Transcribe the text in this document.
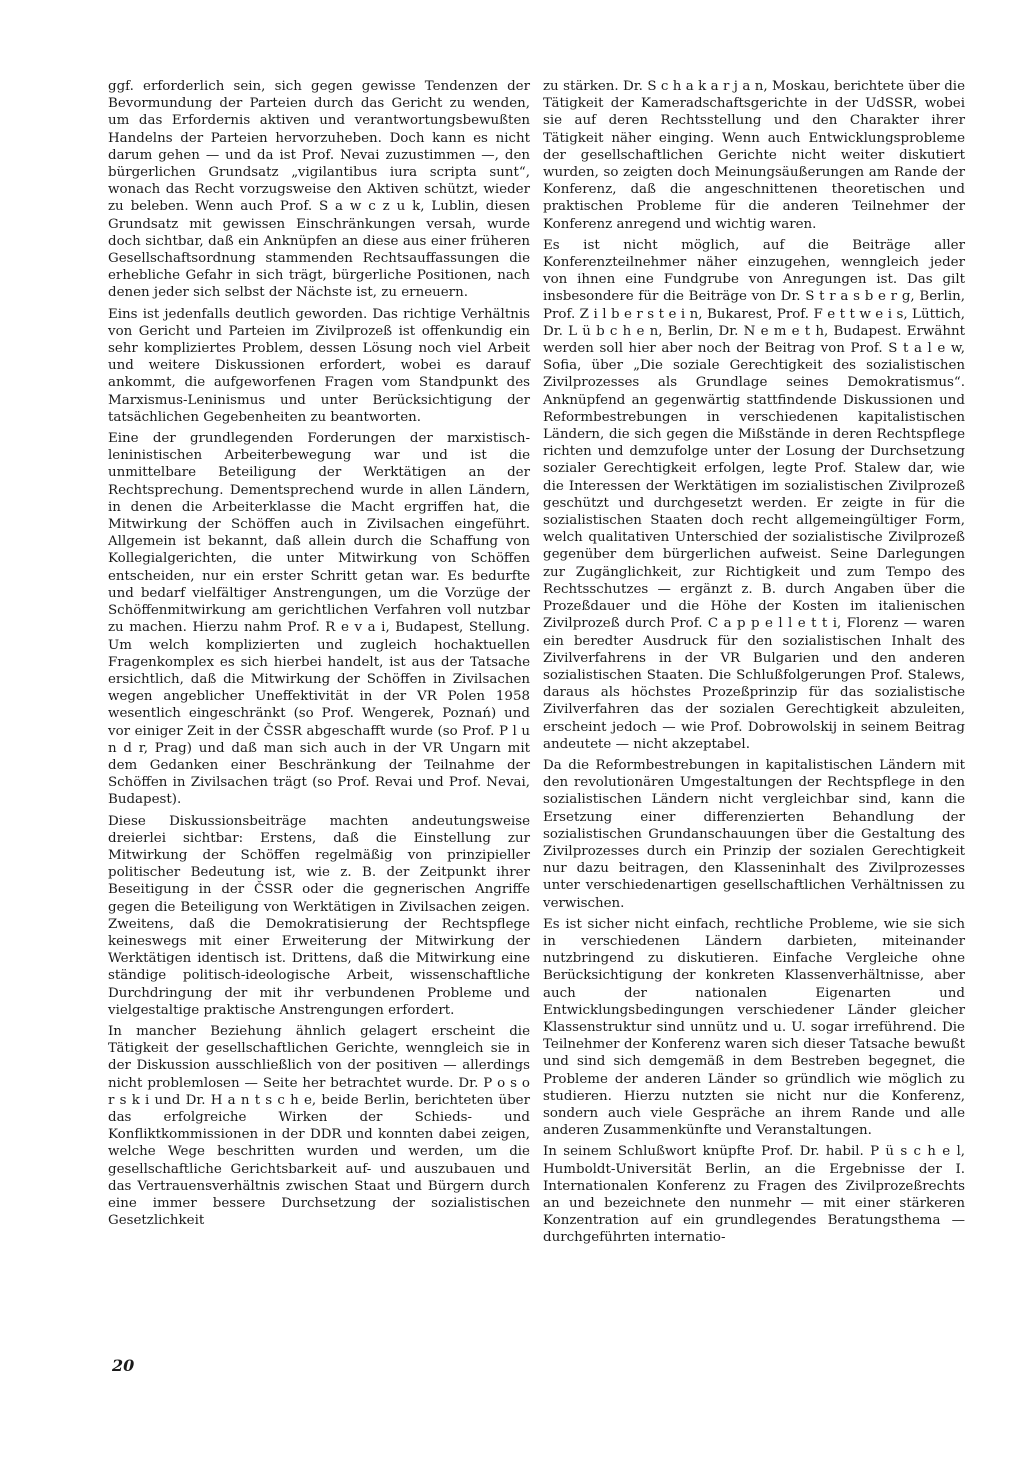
ggf. erforderlich sein, sich gegen gewisse Tendenzen der Bevormundung der Parteien durch das Gericht zu wenden, um das Erfordernis aktiven und verantwortungsbewußten Handelns der Parteien hervorzuheben. Doch kann es nicht darum gehen — und da ist Prof. Nevai zuzustimmen —, den bürgerlichen Grundsatz „vigilantibus iura scripta sunt“, wonach das Recht vorzugsweise den Aktiven schützt, wieder zu beleben. Wenn auch Prof. S a w c z u k, Lublin, diesen Grundsatz mit gewissen Einschränkungen versah, wurde doch sichtbar, daß ein Anknüpfen an diese aus einer früheren Gesellschaftsordnung stammenden Rechtsauffassungen die erhebliche Gefahr in sich trägt, bürgerliche Positionen, nach denen jeder sich selbst der Nächste ist, zu erneuern.

Eins ist jedenfalls deutlich geworden. Das richtige Verhältnis von Gericht und Parteien im Zivilprozeß ist offenkundig ein sehr kompliziertes Problem, dessen Lösung noch viel Arbeit und weitere Diskussionen erfordert, wobei es darauf ankommt, die aufgeworfenen Fragen vom Standpunkt des Marxismus-Leninismus und unter Berücksichtigung der tatsächlichen Gegebenheiten zu beantworten.

Eine der grundlegenden Forderungen der marxistisch-leninistischen Arbeiterbewegung war und ist die unmittelbare Beteiligung der Werktätigen an der Rechtsprechung. Dementsprechend wurde in allen Ländern, in denen die Arbeiterklasse die Macht ergriffen hat, die Mitwirkung der Schöffen auch in Zivilsachen eingeführt. Allgemein ist bekannt, daß allein durch die Schaffung von Kollegialgerichten, die unter Mitwirkung von Schöffen entscheiden, nur ein erster Schritt getan war. Es bedurfte und bedarf vielfältiger Anstrengungen, um die Vorzüge der Schöffenmitwirkung am gerichtlichen Verfahren voll nutzbar zu machen. Hierzu nahm Prof. R e v a i, Budapest, Stellung. Um welch komplizierten und zugleich hochaktuellen Fragenkomplex es sich hierbei handelt, ist aus der Tatsache ersichtlich, daß die Mitwirkung der Schöffen in Zivilsachen wegen angeblicher Uneffektivität in der VR Polen 1958 wesentlich eingeschränkt (so Prof. Wengerek, Poznań) und vor einiger Zeit in der ČSSR abgeschafft wurde (so Prof. P l u n d r, Prag) und daß man sich auch in der VR Ungarn mit dem Gedanken einer Beschränkung der Teilnahme der Schöffen in Zivilsachen trägt (so Prof. Revai und Prof. Nevai, Budapest).

Diese Diskussionsbeiträge machten andeutungsweise dreierlei sichtbar: Erstens, daß die Einstellung zur Mitwirkung der Schöffen regelmäßig von prinzipieller politischer Bedeutung ist, wie z. B. der Zeitpunkt ihrer Beseitigung in der ČSSR oder die gegnerischen Angriffe gegen die Beteiligung von Werktätigen in Zivilsachen zeigen. Zweitens, daß die Demokratisierung der Rechtspflege keineswegs mit einer Erweiterung der Mitwirkung der Werktätigen identisch ist. Drittens, daß die Mitwirkung eine ständige politisch-ideologische Arbeit, wissenschaftliche Durchdringung der mit ihr verbundenen Probleme und vielgestaltige praktische Anstrengungen erfordert.

In mancher Beziehung ähnlich gelagert erscheint die Tätigkeit der gesellschaftlichen Gerichte, wenngleich sie in der Diskussion ausschließlich von der positiven — allerdings nicht problemlosen — Seite her betrachtet wurde. Dr. P o s o r s k i und Dr. H a n t s c h e, beide Berlin, berichteten über das erfolgreiche Wirken der Schieds- und Konfliktkommissionen in der DDR und konnten dabei zeigen, welche Wege beschritten wurden und werden, um die gesellschaftliche Gerichtsbarkeit auf- und auszubauen und das Vertrauensverhältnis zwischen Staat und Bürgern durch eine immer bessere Durchsetzung der sozialistischen Gesetzlichkeit

zu stärken. Dr. S c h a k a r j a n, Moskau, berichtete über die Tätigkeit der Kameradschaftsgerichte in der UdSSR, wobei sie auf deren Rechtsstellung und den Charakter ihrer Tätigkeit näher einging. Wenn auch Entwicklungsprobleme der gesellschaftlichen Gerichte nicht weiter diskutiert wurden, so zeigten doch Meinungsäußerungen am Rande der Konferenz, daß die angeschnittenen theoretischen und praktischen Probleme für die anderen Teilnehmer der Konferenz anregend und wichtig waren.

Es ist nicht möglich, auf die Beiträge aller Konferenzteilnehmer näher einzugehen, wenngleich jeder von ihnen eine Fundgrube von Anregungen ist. Das gilt insbesondere für die Beiträge von Dr. S t r a s b e r g, Berlin, Prof. Z i l b e r s t e i n, Bukarest, Prof. F e t t w e i s, Lüttich, Dr. L ü b c h e n, Berlin, Dr. N e m e t h, Budapest. Erwähnt werden soll hier aber noch der Beitrag von Prof. S t a l e w, Sofia, über „Die soziale Gerechtigkeit des sozialistischen Zivilprozesses als Grundlage seines Demokratismus“. Anknüpfend an gegenwärtig stattfindende Diskussionen und Reformbestrebungen in verschiedenen kapitalistischen Ländern, die sich gegen die Mißstände in deren Rechtspflege richten und demzufolge unter der Losung der Durchsetzung sozialer Gerechtigkeit erfolgen, legte Prof. Stalew dar, wie die Interessen der Werktätigen im sozialistischen Zivilprozeß geschützt und durchgesetzt werden. Er zeigte in für die sozialistischen Staaten doch recht allgemeingültiger Form, welch qualitativen Unterschied der sozialistische Zivilprozeß gegenüber dem bürgerlichen aufweist. Seine Darlegungen zur Zugänglichkeit, zur Richtigkeit und zum Tempo des Rechtsschutzes — ergänzt z. B. durch Angaben über die Prozeßdauer und die Höhe der Kosten im italienischen Zivilprozeß durch Prof. C a p p e l l e t t i, Florenz — waren ein beredter Ausdruck für den sozialistischen Inhalt des Zivilverfahrens in der VR Bulgarien und den anderen sozialistischen Staaten. Die Schlußfolgerungen Prof. Stalews, daraus als höchstes Prozeßprinzip für das sozialistische Zivilverfahren das der sozialen Gerechtigkeit abzuleiten, erscheint jedoch — wie Prof. Dobrowolskij in seinem Beitrag andeutete — nicht akzeptabel.

Da die Reformbestrebungen in kapitalistischen Ländern mit den revolutionären Umgestaltungen der Rechtspflege in den sozialistischen Ländern nicht vergleichbar sind, kann die Ersetzung einer differenzierten Behandlung der sozialistischen Grundanschauungen über die Gestaltung des Zivilprozesses durch ein Prinzip der sozialen Gerechtigkeit nur dazu beitragen, den Klasseninhalt des Zivilprozesses unter verschiedenartigen gesellschaftlichen Verhältnissen zu verwischen.

Es ist sicher nicht einfach, rechtliche Probleme, wie sie sich in verschiedenen Ländern darbieten, miteinander nutzbringend zu diskutieren. Einfache Vergleiche ohne Berücksichtigung der konkreten Klassenverhältnisse, aber auch der nationalen Eigenarten und Entwicklungsbedingungen verschiedener Länder gleicher Klassenstruktur sind unnütz und u. U. sogar irreführend. Die Teilnehmer der Konferenz waren sich dieser Tatsache bewußt und sind sich demgemäß in dem Bestreben begegnet, die Probleme der anderen Länder so gründlich wie möglich zu studieren. Hierzu nutzten sie nicht nur die Konferenz, sondern auch viele Gespräche an ihrem Rande und alle anderen Zusammenkünfte und Veranstaltungen.

In seinem Schlußwort knüpfte Prof. Dr. habil. P ü s c h e l, Humboldt-Universität Berlin, an die Ergebnisse der I. Internationalen Konferenz zu Fragen des Zivilprozeßrechts an und bezeichnete den nunmehr — mit einer stärkeren Konzentration auf ein grundlegendes Beratungsthema — durchgeführten internatio-

20
